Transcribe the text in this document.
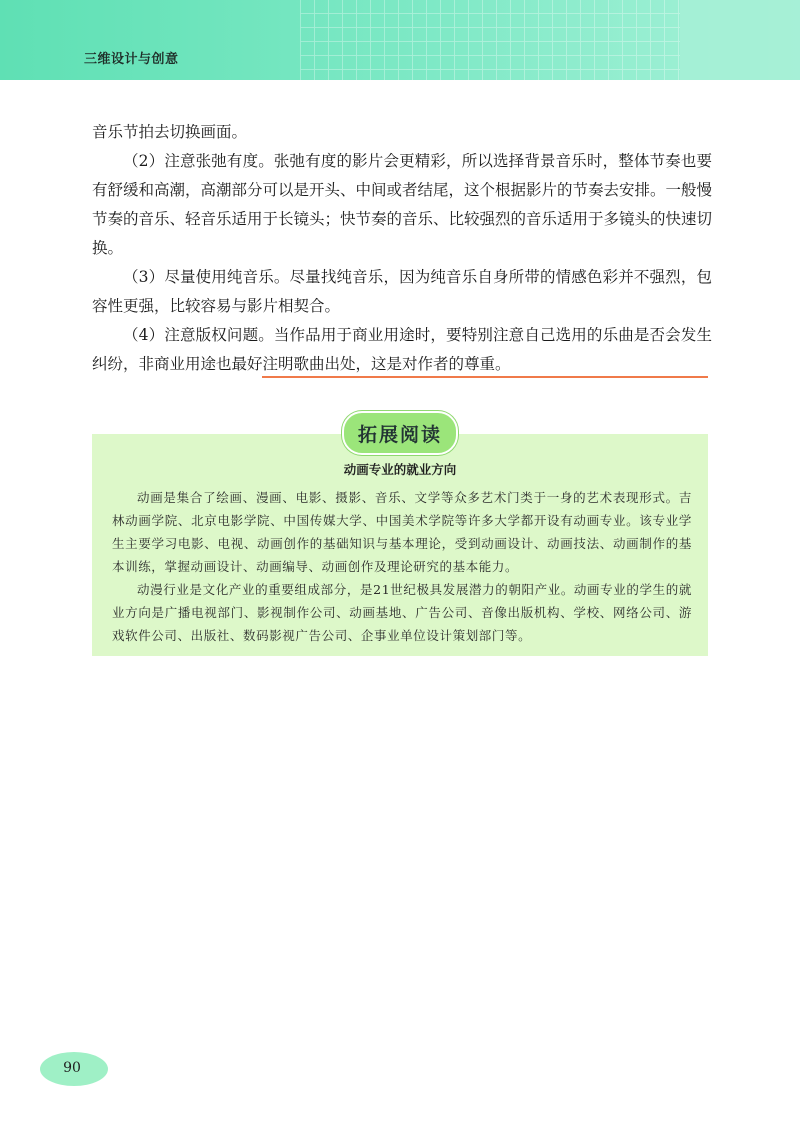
三维设计与创意

音乐节拍去切换画面。

（2）注意张弛有度。张弛有度的影片会更精彩，所以选择背景音乐时，整体节奏也要有舒缓和高潮，高潮部分可以是开头、中间或者结尾，这个根据影片的节奏去安排。一般慢节奏的音乐、轻音乐适用于长镜头；快节奏的音乐、比较强烈的音乐适用于多镜头的快速切换。

（3）尽量使用纯音乐。尽量找纯音乐，因为纯音乐自身所带的情感色彩并不强烈，包容性更强，比较容易与影片相契合。

（4）注意版权问题。当作品用于商业用途时，要特别注意自己选用的乐曲是否会发生纠纷，非商业用途也最好注明歌曲出处，这是对作者的尊重。

拓展阅读
动画专业的就业方向

动画是集合了绘画、漫画、电影、摄影、音乐、文学等众多艺术门类于一身的艺术表现形式。吉林动画学院、北京电影学院、中国传媒大学、中国美术学院等许多大学都开设有动画专业。该专业学生主要学习电影、电视、动画创作的基础知识与基本理论，受到动画设计、动画技法、动画制作的基本训练，掌握动画设计、动画编导、动画创作及理论研究的基本能力。

动漫行业是文化产业的重要组成部分，是21世纪极具发展潜力的朝阳产业。动画专业的学生的就业方向是广播电视部门、影视制作公司、动画基地、广告公司、音像出版机构、学校、网络公司、游戏软件公司、出版社、数码影视广告公司、企事业单位设计策划部门等。

90
